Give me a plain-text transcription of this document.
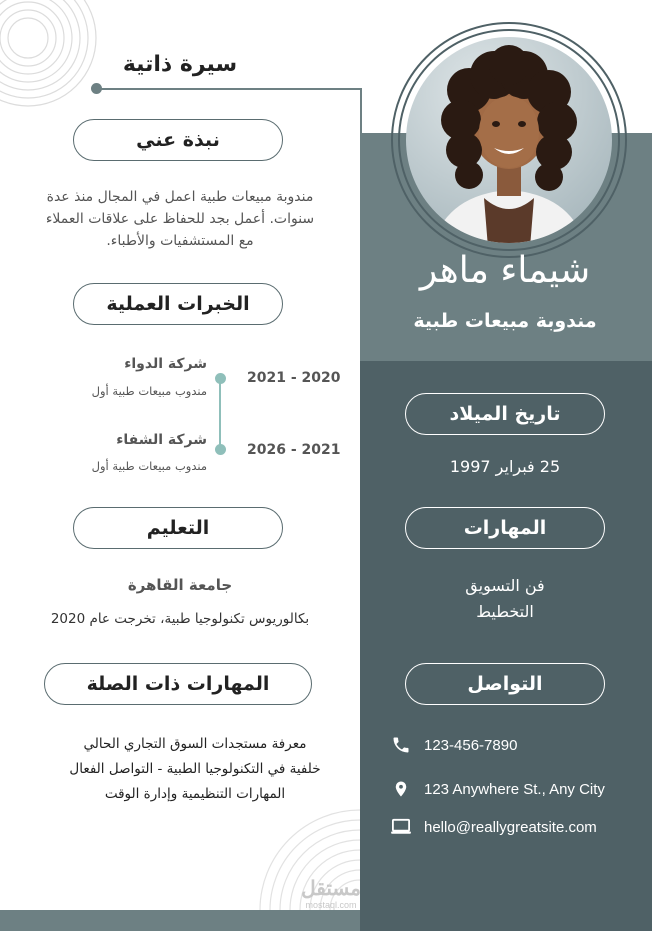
سيرة ذاتية
نبذة عني
مندوبة مبيعات طبية اعمل في المجال منذ عدة
سنوات. أعمل بجد للحفاظ على علاقات العملاء
مع المستشفيات والأطباء.
الخبرات العملية
شركة الدواء
مندوب مبيعات طبية أول
2021 - 2020
شركة الشفاء
مندوب مبيعات طبية أول
2026 - 2021
التعليم
جامعة القاهرة
بكالوريوس تكنولوجيا طبية، تخرجت عام 2020
المهارات ذات الصلة
معرفة مستجدات السوق التجاري الحالي
خلفية في التكنولوجيا الطبية - التواصل الفعال
المهارات التنظيمية وإدارة الوقت
شيماء ماهر
مندوبة مبيعات طبية
تاريخ الميلاد
25 فبراير 1997
المهارات
فن التسويق
التخطيط
التواصل
123-456-7890
123 Anywhere St., Any City
hello@reallygreatsite.com
مستقل
mostaql.com
